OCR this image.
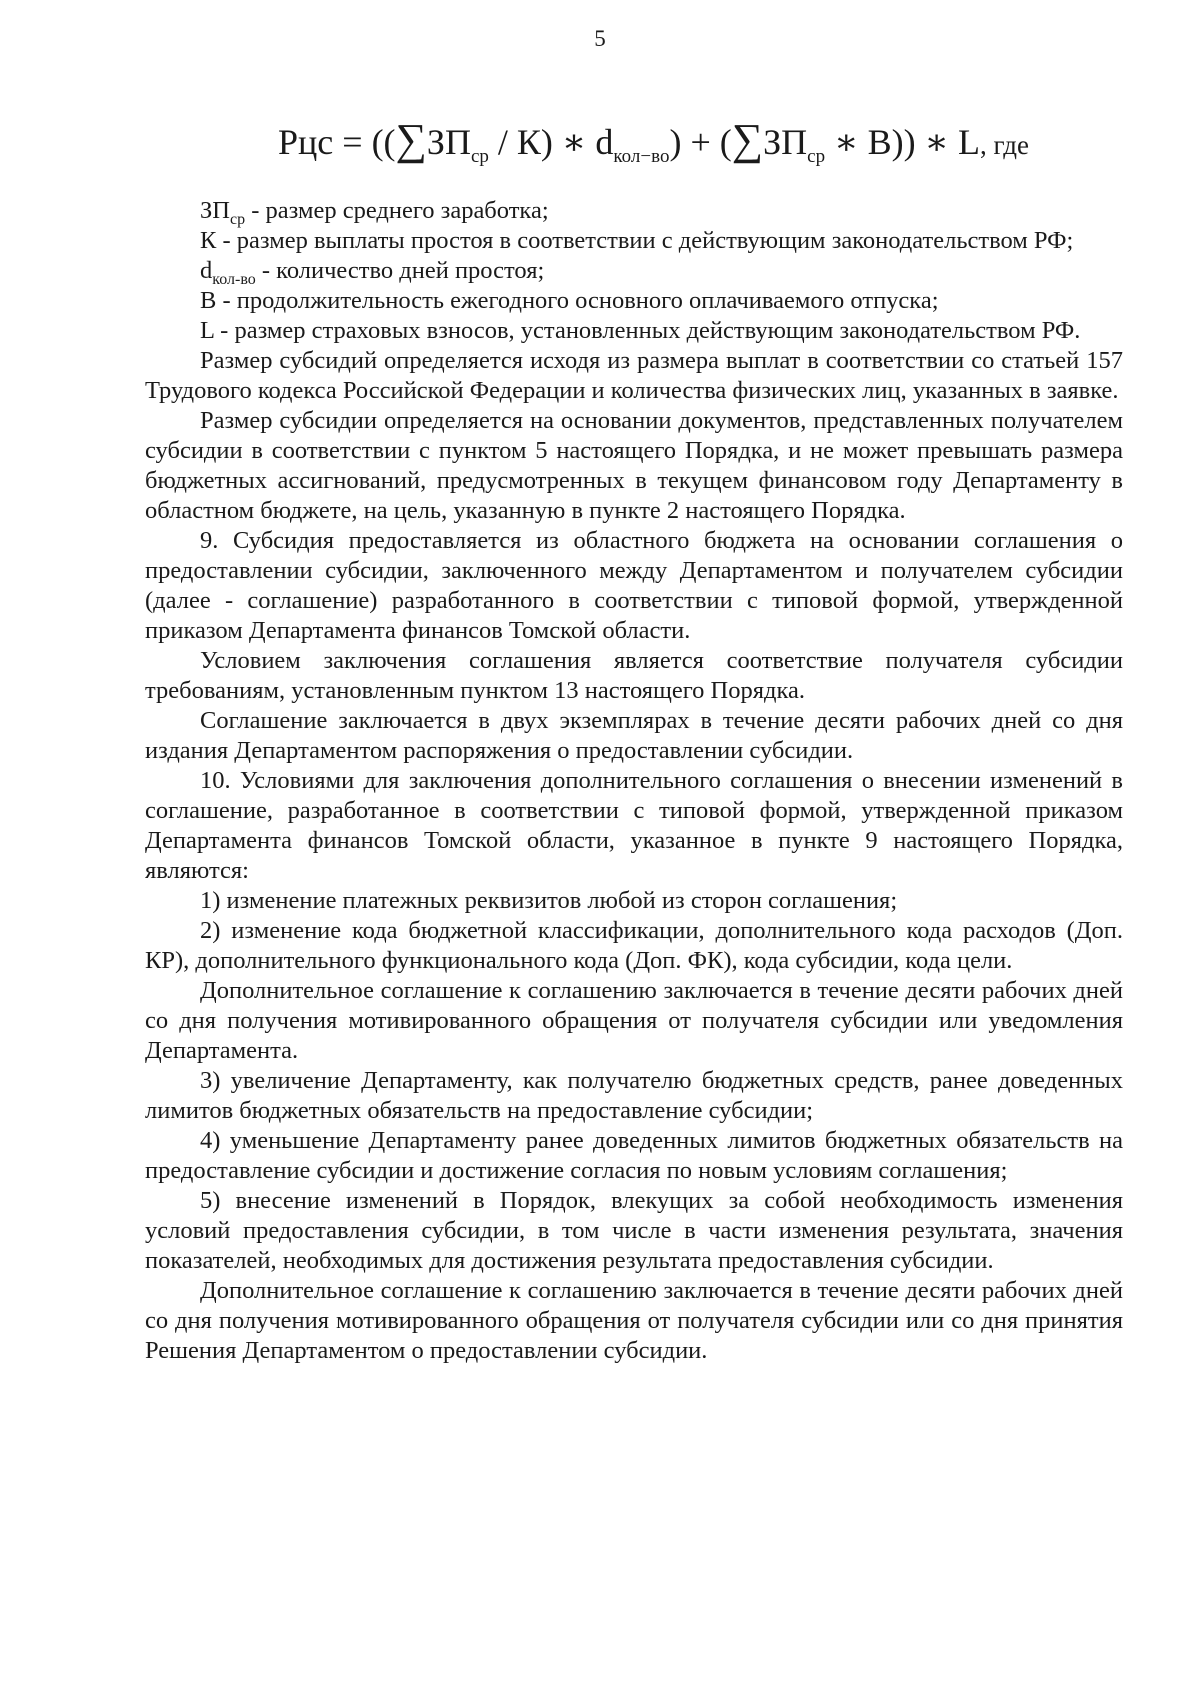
5
Рцс = ($(\sum ЗП_{ср} / К)$ ∗ $d_{кол-во}) + (\sum ЗП_{ср}$ ∗ В)) ∗ L, где

$ЗП_{ср}$ - размер среднего заработка;

К - размер выплаты простоя в соответствии с действующим законодательством РФ;

$d_{кол-во}$ - количество дней простоя;

В - продолжительность ежегодного основного оплачиваемого отпуска;

L - размер страховых взносов, установленных действующим законодательством РФ.

Размер субсидий определяется исходя из размера выплат в соответствии со статьей 157 Трудового кодекса Российской Федерации и количества физических лиц, указанных в заявке.

Размер субсидии определяется на основании документов, представленных получателем субсидии в соответствии с пунктом 5 настоящего Порядка, и не может превышать размера бюджетных ассигнований, предусмотренных в текущем финансовом году Департаменту в областном бюджете, на цель, указанную в пункте 2 настоящего Порядка.

9. Субсидия предоставляется из областного бюджета на основании соглашения о предоставлении субсидии, заключенного между Департаментом и получателем субсидии (далее - соглашение) разработанного в соответствии с типовой формой, утвержденной приказом Департамента финансов Томской области.

Условием заключения соглашения является соответствие получателя субсидии требованиям, установленным пунктом 13 настоящего Порядка.

Соглашение заключается в двух экземплярах в течение десяти рабочих дней со дня издания Департаментом распоряжения о предоставлении субсидии.

10. Условиями для заключения дополнительного соглашения о внесении изменений в соглашение, разработанное в соответствии с типовой формой, утвержденной приказом Департамента финансов Томской области, указанное в пункте 9 настоящего Порядка, являются:

1) изменение платежных реквизитов любой из сторон соглашения;

2) изменение кода бюджетной классификации, дополнительного кода расходов (Доп. КР), дополнительного функционального кода (Доп. ФК), кода субсидии, кода цели.

Дополнительное соглашение к соглашению заключается в течение десяти рабочих дней со дня получения мотивированного обращения от получателя субсидии или уведомления Департамента.

3) увеличение Департаменту, как получателю бюджетных средств, ранее доведенных лимитов бюджетных обязательств на предоставление субсидии;

4) уменьшение Департаменту ранее доведенных лимитов бюджетных обязательств на предоставление субсидии и достижение согласия по новым условиям соглашения;

5) внесение изменений в Порядок, влекущих за собой необходимость изменения условий предоставления субсидии, в том числе в части изменения результата, значения показателей, необходимых для достижения результата предоставления субсидии.

Дополнительное соглашение к соглашению заключается в течение десяти рабочих дней со дня получения мотивированного обращения от получателя субсидии или со дня принятия Решения Департаментом о предоставлении субсидии.
